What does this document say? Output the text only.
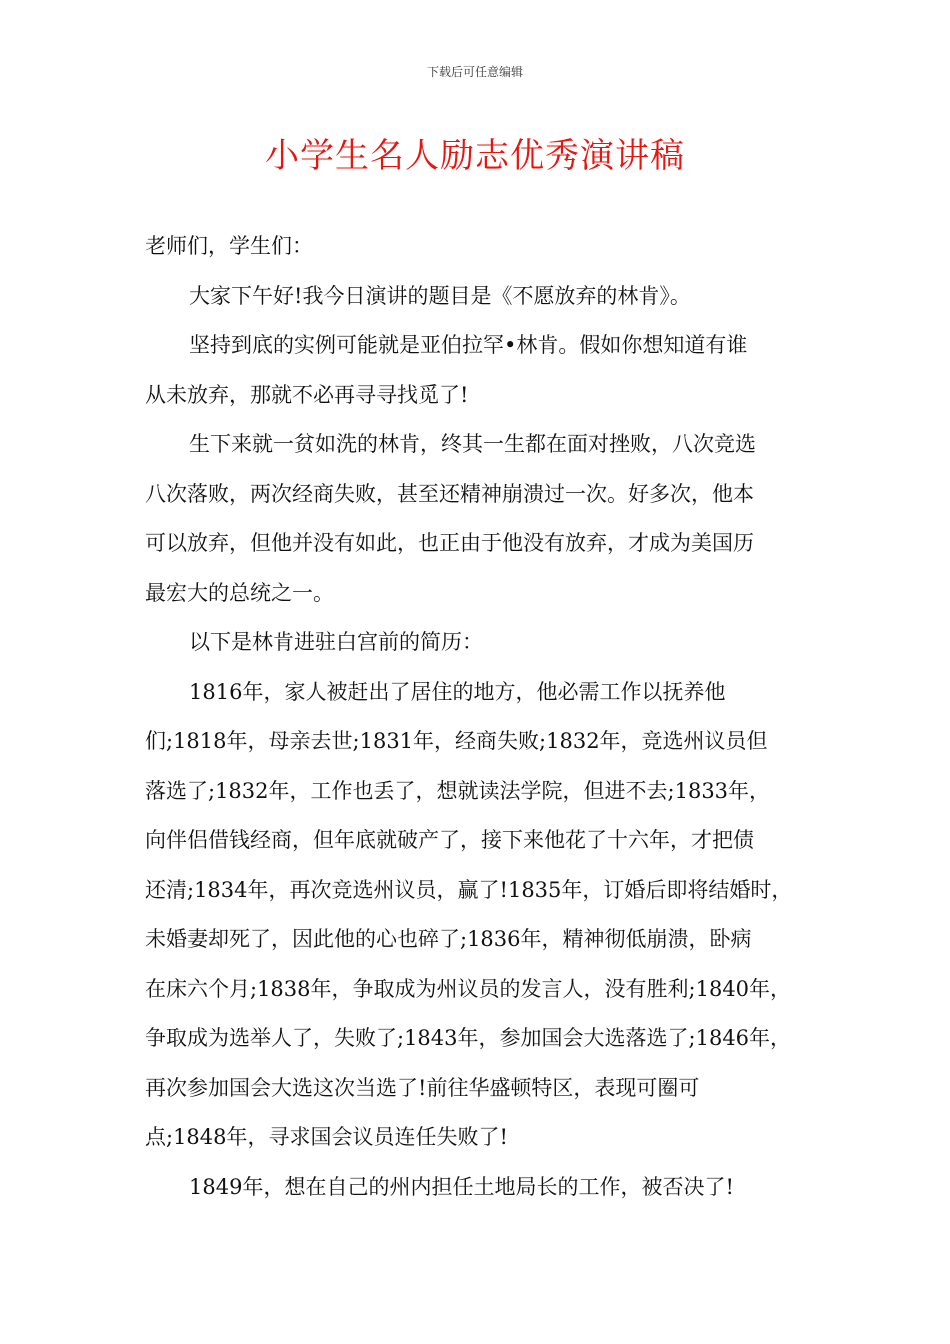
下载后可任意编辑
小学生名人励志优秀演讲稿
老师们，学生们：
大家下午好!我今日演讲的题目是《不愿放弃的林肯》。
坚持到底的实例可能就是亚伯拉罕•林肯。假如你想知道有谁
从未放弃，那就不必再寻寻找觅了!
生下来就一贫如洗的林肯，终其一生都在面对挫败，八次竞选
八次落败，两次经商失败，甚至还精神崩溃过一次。好多次，他本
可以放弃，但他并没有如此，也正由于他没有放弃，才成为美国历
最宏大的总统之一。
以下是林肯进驻白宫前的简历：
1816年，家人被赶出了居住的地方，他必需工作以抚养他
们;1818年，母亲去世;1831年，经商失败;1832年，竞选州议员但
落选了;1832年，工作也丢了，想就读法学院，但进不去;1833年，
向伴侣借钱经商，但年底就破产了，接下来他花了十六年，才把债
还清;1834年，再次竞选州议员，赢了!1835年，订婚后即将结婚时，
未婚妻却死了，因此他的心也碎了;1836年，精神彻低崩溃，卧病
在床六个月;1838年，争取成为州议员的发言人，没有胜利;1840年，
争取成为选举人了，失败了;1843年，参加国会大选落选了;1846年，
再次参加国会大选这次当选了!前往华盛顿特区，表现可圈可
点;1848年，寻求国会议员连任失败了!
1849年，想在自己的州内担任土地局长的工作，被否决了!
